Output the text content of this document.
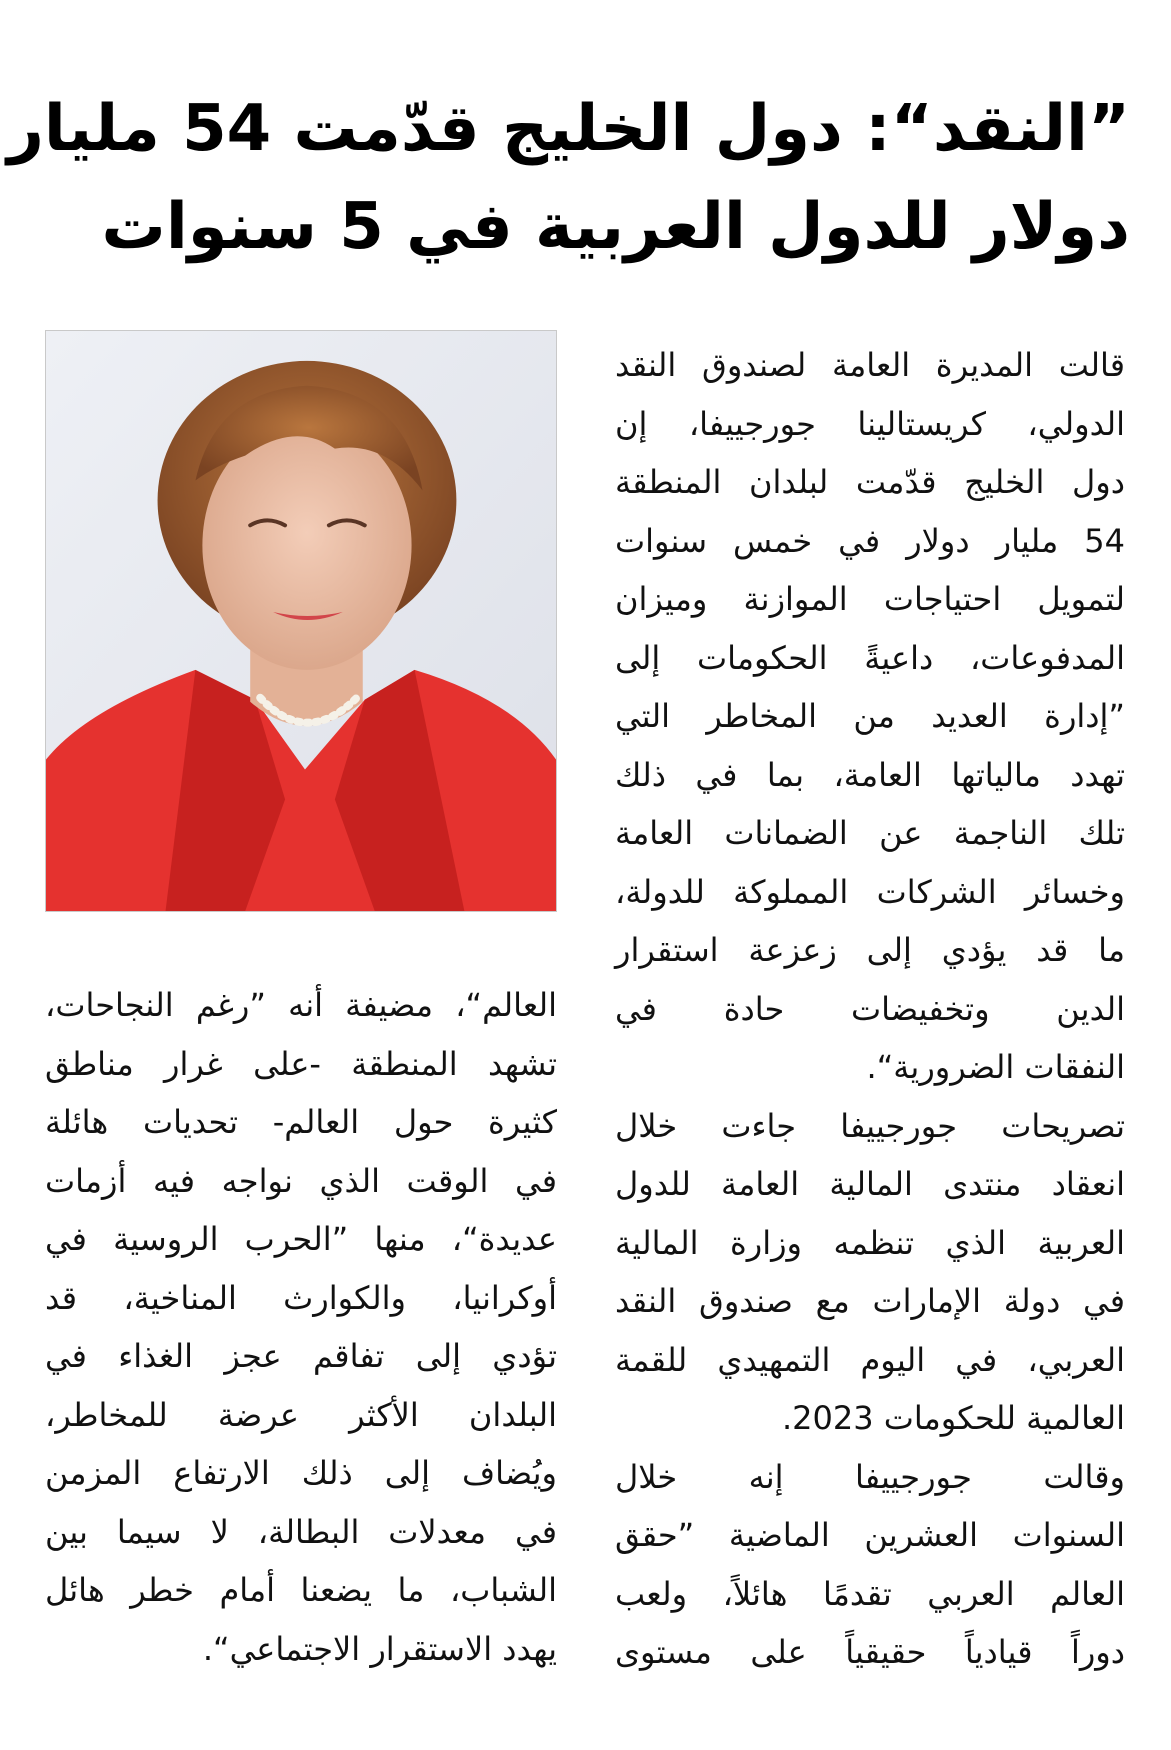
”النقد“: دول الخليج قدّمت 54 مليار
دولار للدول العربية في 5 سنوات
قالت المديرة العامة لصندوق النقد
الدولي، كريستالينا جورجييفا، إن
دول الخليج قدّمت لبلدان المنطقة
54 مليار دولار في خمس سنوات
لتمويل احتياجات الموازنة وميزان
المدفوعات، داعيةً الحكومات إلى
”إدارة العديد من المخاطر التي
تهدد مالياتها العامة، بما في ذلك
تلك الناجمة عن الضمانات العامة
وخسائر الشركات المملوكة للدولة،
ما قد يؤدي إلى زعزعة استقرار
الدين وتخفيضات حادة في
النفقات الضرورية“.
تصريحات جورجييفا جاءت خلال
انعقاد منتدى المالية العامة للدول
العربية الذي تنظمه وزارة المالية
في دولة الإمارات مع صندوق النقد
العربي، في اليوم التمهيدي للقمة
العالمية للحكومات 2023.
وقالت جورجييفا إنه خلال
السنوات العشرين الماضية ”حقق
العالم العربي تقدمًا هائلاً، ولعب
دوراً قيادياً حقيقياً على مستوى
العالم“، مضيفة أنه ”رغم النجاحات،
تشهد المنطقة -على غرار مناطق
كثيرة حول العالم- تحديات هائلة
في الوقت الذي نواجه فيه أزمات
عديدة“، منها ”الحرب الروسية في
أوكرانيا، والكوارث المناخية، قد
تؤدي إلى تفاقم عجز الغذاء في
البلدان الأكثر عرضة للمخاطر،
ويُضاف إلى ذلك الارتفاع المزمن
في معدلات البطالة، لا سيما بين
الشباب، ما يضعنا أمام خطر هائل
يهدد الاستقرار الاجتماعي“.
